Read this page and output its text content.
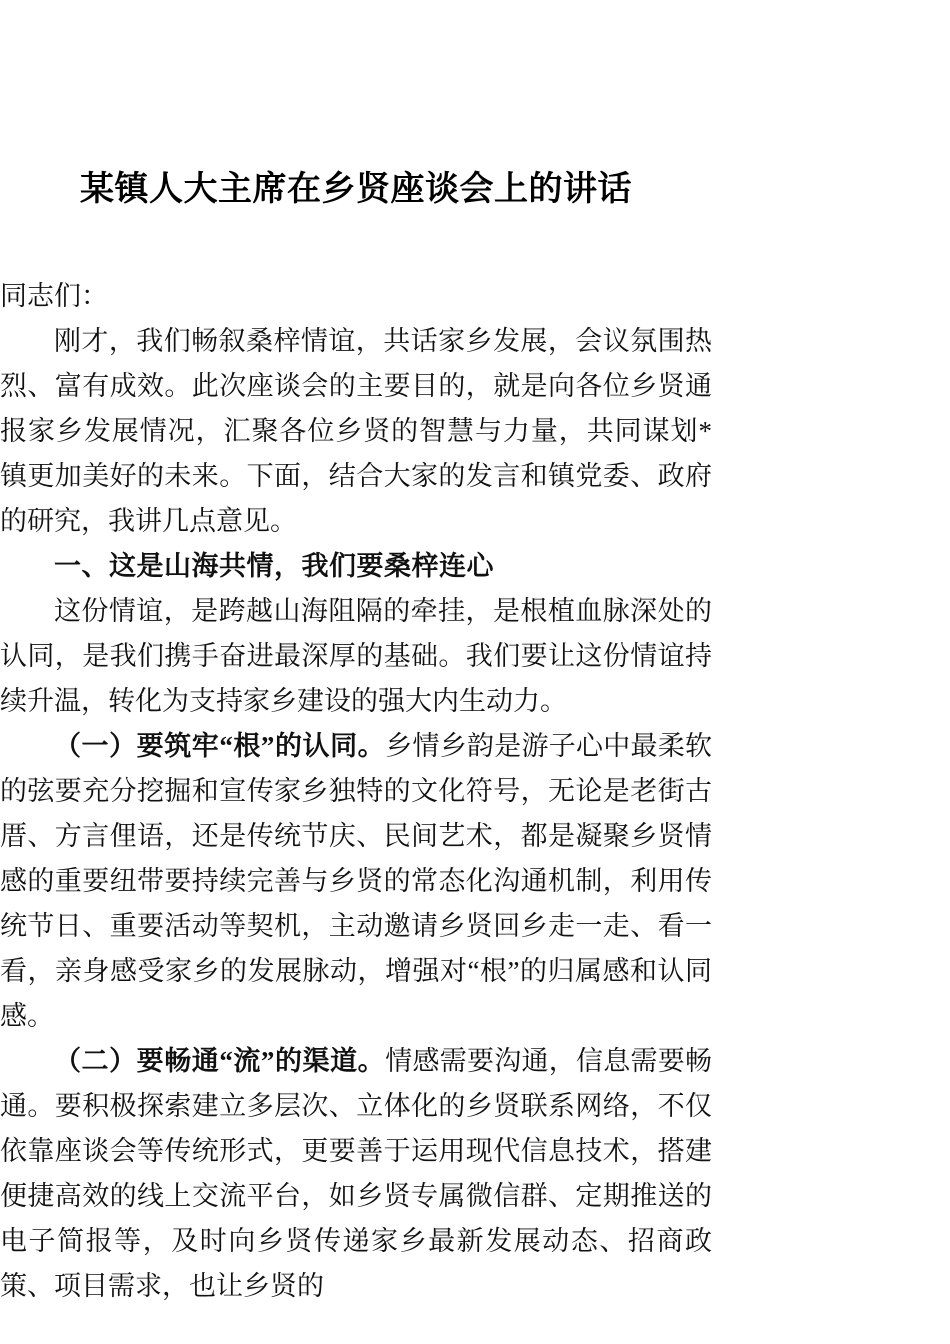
某镇人大主席在乡贤座谈会上的讲话

同志们：

刚才，我们畅叙桑梓情谊，共话家乡发展，会议氛围热烈、富有成效。此次座谈会的主要目的，就是向各位乡贤通报家乡发展情况，汇聚各位乡贤的智慧与力量，共同谋划*镇更加美好的未来。下面，结合大家的发言和镇党委、政府的研究，我讲几点意见。

一、这是山海共情，我们要桑梓连心

这份情谊，是跨越山海阻隔的牵挂，是根植血脉深处的认同，是我们携手奋进最深厚的基础。我们要让这份情谊持续升温，转化为支持家乡建设的强大内生动力。

（一）要筑牢“根”的认同。乡情乡韵是游子心中最柔软的弦要充分挖掘和宣传家乡独特的文化符号，无论是老街古厝、方言俚语，还是传统节庆、民间艺术，都是凝聚乡贤情感的重要纽带要持续完善与乡贤的常态化沟通机制，利用传统节日、重要活动等契机，主动邀请乡贤回乡走一走、看一看，亲身感受家乡的发展脉动，增强对“根”的归属感和认同感。

（二）要畅通“流”的渠道。情感需要沟通，信息需要畅通。要积极探索建立多层次、立体化的乡贤联系网络，不仅依靠座谈会等传统形式，更要善于运用现代信息技术，搭建便捷高效的线上交流平台，如乡贤专属微信群、定期推送的电子简报等，及时向乡贤传递家乡最新发展动态、招商政策、项目需求，也让乡贤的
